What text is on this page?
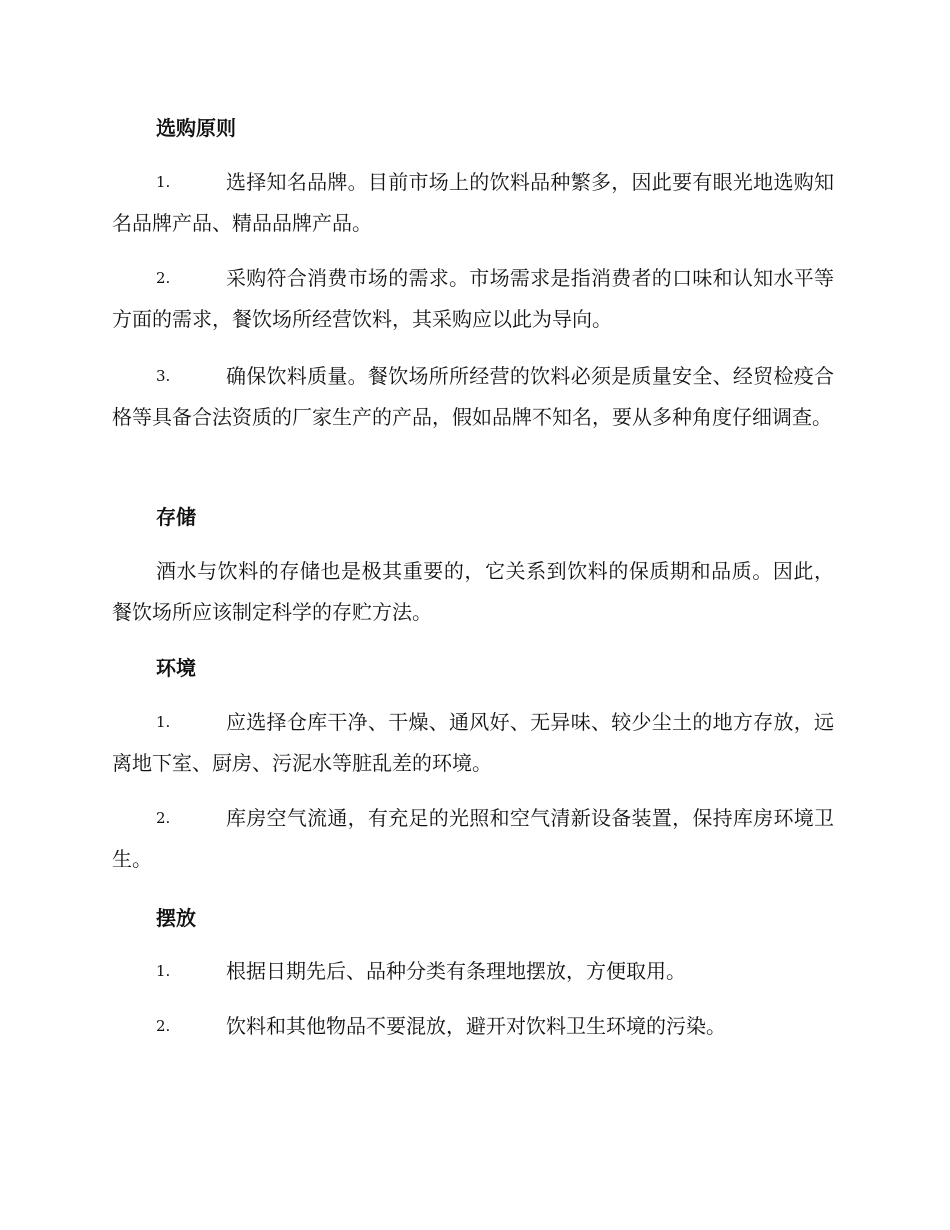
选购原则
1.	选择知名品牌。目前市场上的饮料品种繁多，因此要有眼光地选购知名品牌产品、精品品牌产品。
2.	采购符合消费市场的需求。市场需求是指消费者的口味和认知水平等方面的需求，餐饮场所经营饮料，其采购应以此为导向。
3.	确保饮料质量。餐饮场所所经营的饮料必须是质量安全、经贸检疫合格等具备合法资质的厂家生产的产品，假如品牌不知名，要从多种角度仔细调查。
存储
酒水与饮料的存储也是极其重要的，它关系到饮料的保质期和品质。因此，餐饮场所应该制定科学的存贮方法。
环境
1.	应选择仓库干净、干燥、通风好、无异味、较少尘土的地方存放，远离地下室、厨房、污泥水等脏乱差的环境。
2.	库房空气流通，有充足的光照和空气清新设备装置，保持库房环境卫生。
摆放
1.	根据日期先后、品种分类有条理地摆放，方便取用。
2.	饮料和其他物品不要混放，避开对饮料卫生环境的污染。
